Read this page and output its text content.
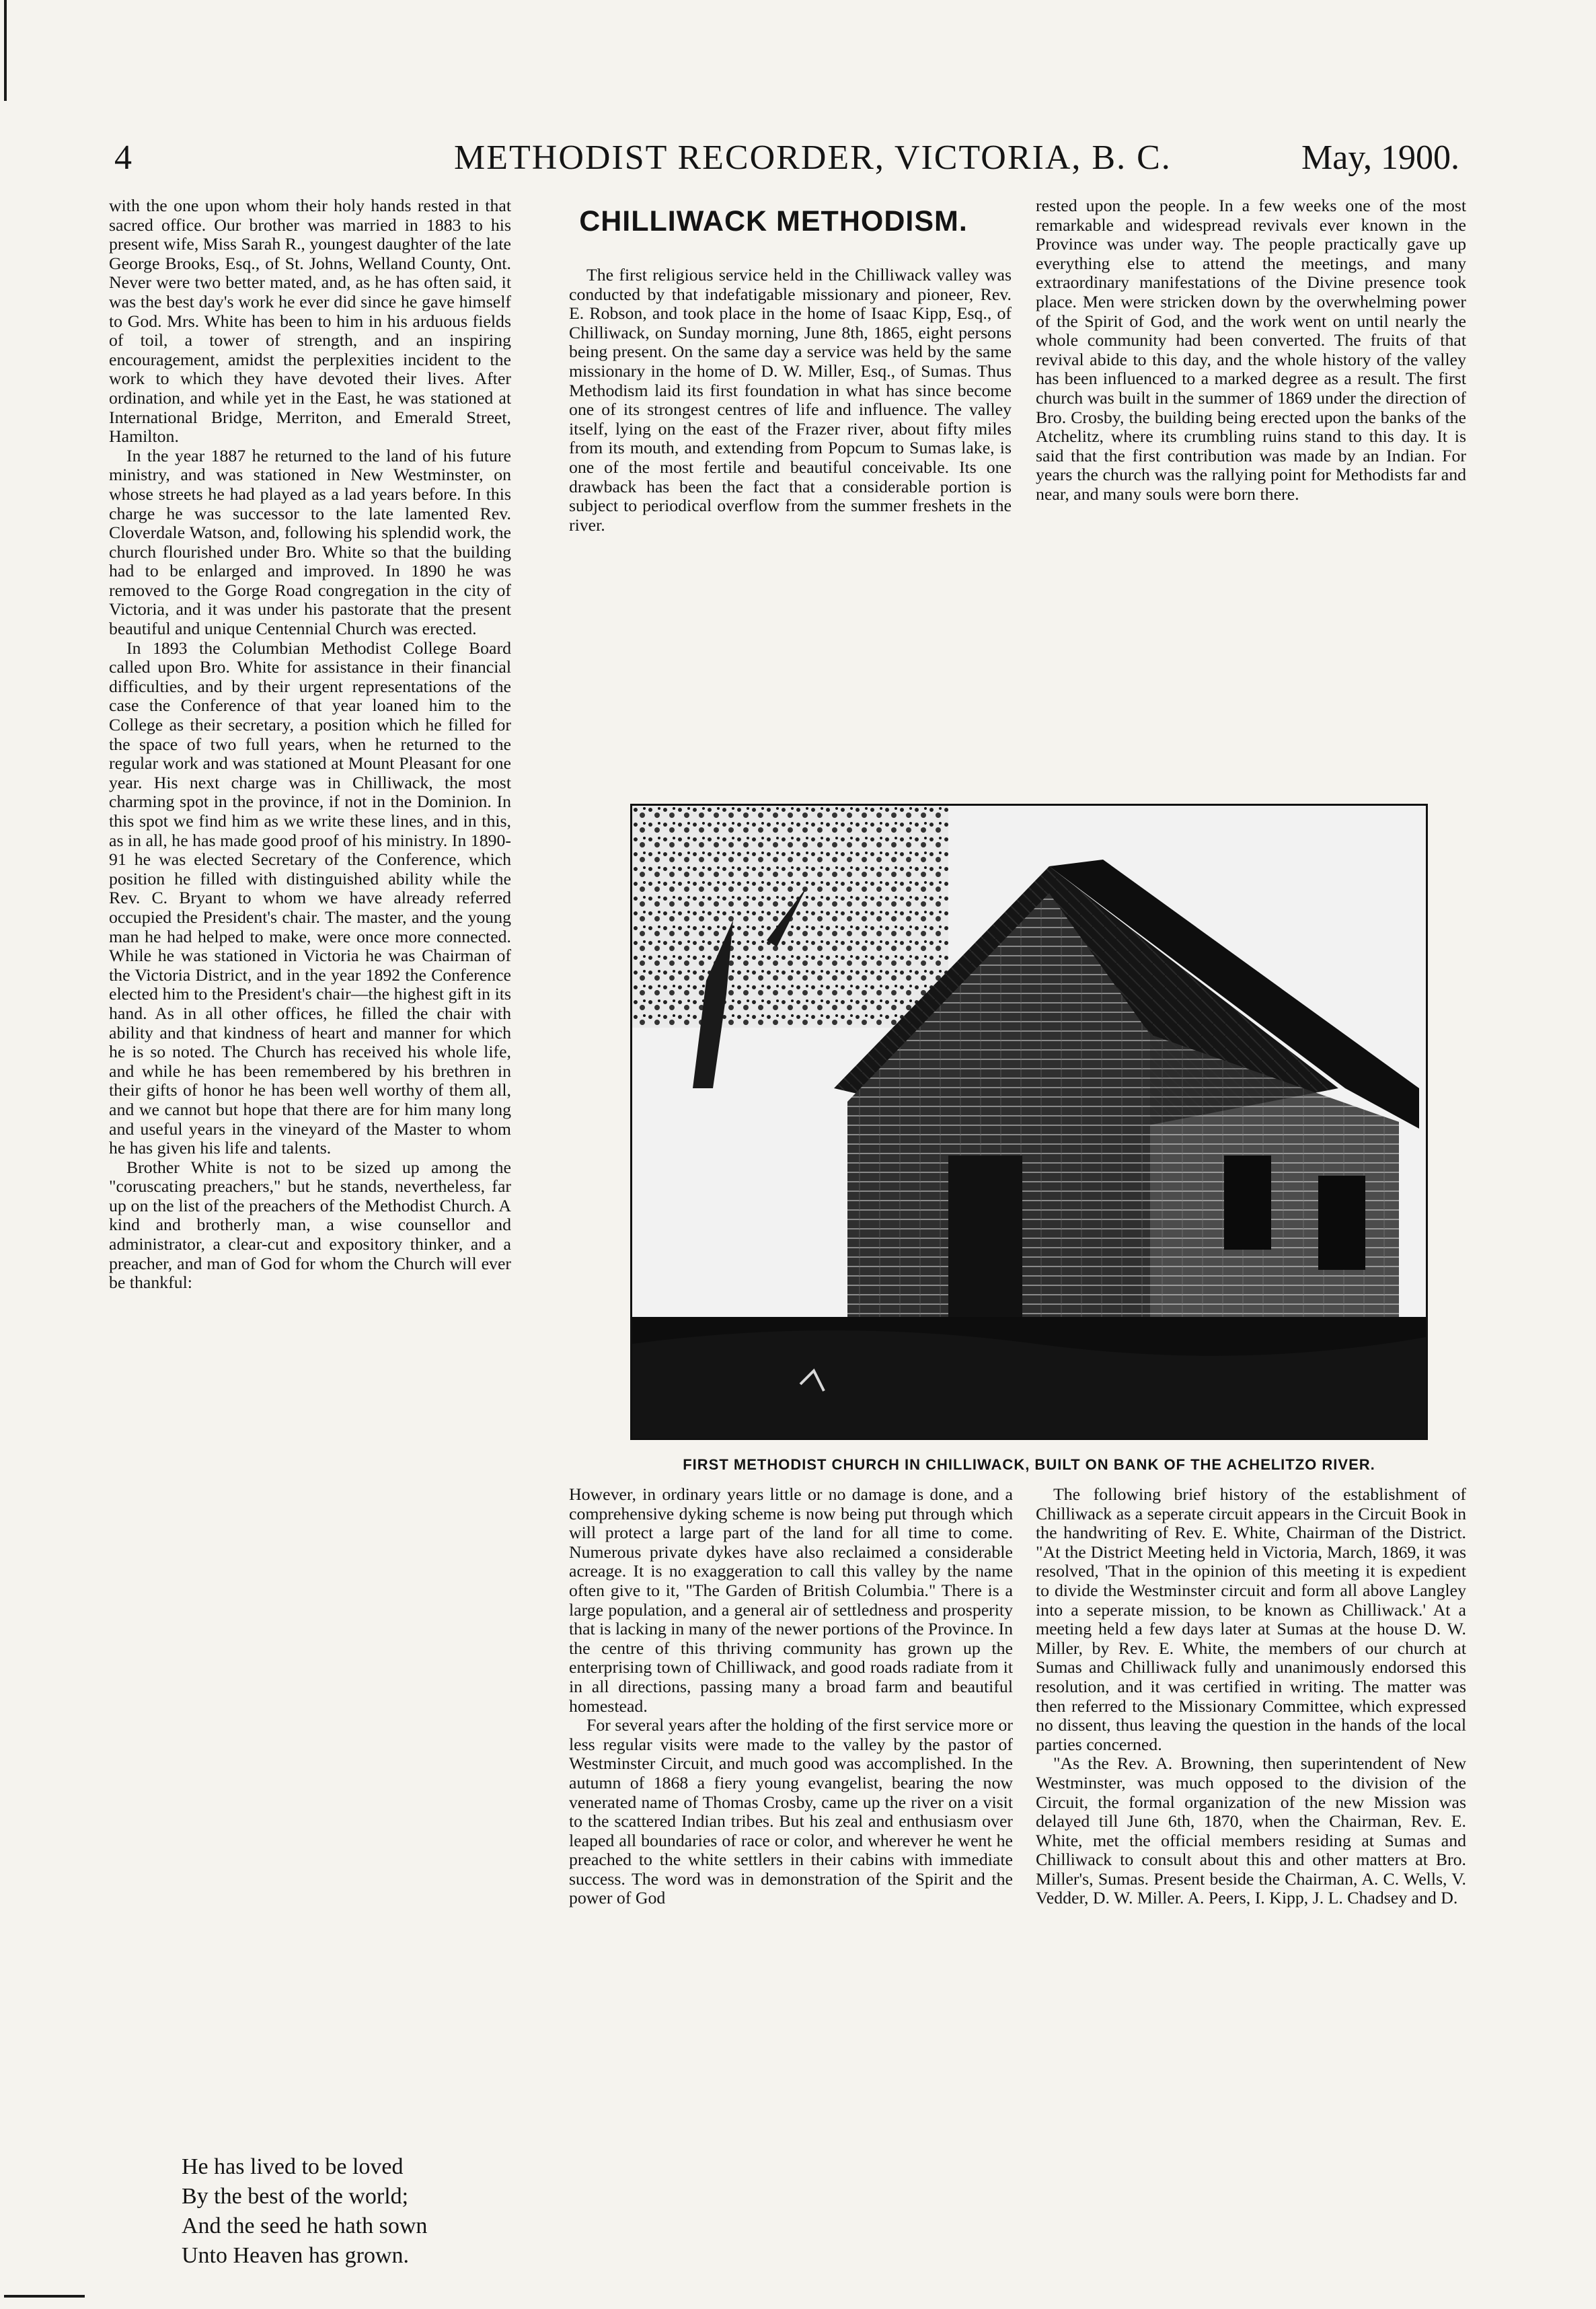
4	METHODIST RECORDER, VICTORIA, B. C.	May, 1900.

with the one upon whom their holy hands rested in that sacred office. Our brother was married in 1883 to his present wife, Miss Sarah R., youngest daughter of the late George Brooks, Esq., of St. Johns, Welland County, Ont. Never were two better mated, and, as he has often said, it was the best day's work he ever did since he gave himself to God. Mrs. White has been to him in his arduous fields of toil, a tower of strength, and an inspiring encouragement, amidst the perplexities incident to the work to which they have devoted their lives. After ordination, and while yet in the East, he was stationed at International Bridge, Merriton, and Emerald Street, Hamilton.

In the year 1887 he returned to the land of his future ministry, and was stationed in New Westminster, on whose streets he had played as a lad years before. In this charge he was successor to the late lamented Rev. Cloverdale Watson, and, following his splendid work, the church flourished under Bro. White so that the building had to be enlarged and improved. In 1890 he was removed to the Gorge Road congregation in the city of Victoria, and it was under his pastorate that the present beautiful and unique Centennial Church was erected.

In 1893 the Columbian Methodist College Board called upon Bro. White for assistance in their financial difficulties, and by their urgent representations of the case the Conference of that year loaned him to the College as their secretary, a position which he filled for the space of two full years, when he returned to the regular work and was stationed at Mount Pleasant for one year. His next charge was in Chilliwack, the most charming spot in the province, if not in the Dominion. In this spot we find him as we write these lines, and in this, as in all, he has made good proof of his ministry. In 1890-91 he was elected Secretary of the Conference, which position he filled with distinguished ability while the Rev. C. Bryant to whom we have already referred occupied the President's chair. The master, and the young man he had helped to make, were once more connected. While he was stationed in Victoria he was Chairman of the Victoria District, and in the year 1892 the Conference elected him to the President's chair—the highest gift in its hand. As in all other offices, he filled the chair with ability and that kindness of heart and manner for which he is so noted. The Church has received his whole life, and while he has been remembered by his brethren in their gifts of honor he has been well worthy of them all, and we cannot but hope that there are for him many long and useful years in the vineyard of the Master to whom he has given his life and talents.

Brother White is not to be sized up among the "coruscating preachers," but he stands, nevertheless, far up on the list of the preachers of the Methodist Church. A kind and brotherly man, a wise counsellor and administrator, a clear-cut and expository thinker, and a preacher, and man of God for whom the Church will ever be thankful:

He has lived to be loved
By the best of the world;
And the seed he hath sown
Unto Heaven has grown.
CHILLIWACK METHODISM.

The first religious service held in the Chilliwack valley was conducted by that indefatigable missionary and pioneer, Rev. E. Robson, and took place in the home of Isaac Kipp, Esq., of Chilliwack, on Sunday morning, June 8th, 1865, eight persons being present. On the same day a service was held by the same missionary in the home of D. W. Miller, Esq., of Sumas. Thus Methodism laid its first foundation in what has since become one of its strongest centres of life and influence. The valley itself, lying on the east of the Frazer river, about fifty miles from its mouth, and extending from Popcum to Sumas lake, is one of the most fertile and beautiful conceivable. Its one drawback has been the fact that a considerable portion is subject to periodical overflow from the summer freshets in the river.

rested upon the people. In a few weeks one of the most remarkable and widespread revivals ever known in the Province was under way. The people practically gave up everything else to attend the meetings, and many extraordinary manifestations of the Divine presence took place. Men were stricken down by the overwhelming power of the Spirit of God, and the work went on until nearly the whole community had been converted. The fruits of that revival abide to this day, and the whole history of the valley has been influenced to a marked degree as a result. The first church was built in the summer of 1869 under the direction of Bro. Crosby, the building being erected upon the banks of the Atchelitz, where its crumbling ruins stand to this day. It is said that the first contribution was made by an Indian. For years the church was the rallying point for Methodists far and near, and many souls were born there.

FIRST METHODIST CHURCH IN CHILLIWACK, BUILT ON BANK OF THE ACHELITZO RIVER.

However, in ordinary years little or no damage is done, and a comprehensive dyking scheme is now being put through which will protect a large part of the land for all time to come. Numerous private dykes have also reclaimed a considerable acreage. It is no exaggeration to call this valley by the name often give to it, "The Garden of British Columbia." There is a large population, and a general air of settledness and prosperity that is lacking in many of the newer portions of the Province. In the centre of this thriving community has grown up the enterprising town of Chilliwack, and good roads radiate from it in all directions, passing many a broad farm and beautiful homestead.

For several years after the holding of the first service more or less regular visits were made to the valley by the pastor of Westminster Circuit, and much good was accomplished. In the autumn of 1868 a fiery young evangelist, bearing the now venerated name of Thomas Crosby, came up the river on a visit to the scattered Indian tribes. But his zeal and enthusiasm over leaped all boundaries of race or color, and wherever he went he preached to the white settlers in their cabins with immediate success. The word was in demonstration of the Spirit and the power of God

The following brief history of the establishment of Chilliwack as a seperate circuit appears in the Circuit Book in the handwriting of Rev. E. White, Chairman of the District. "At the District Meeting held in Victoria, March, 1869, it was resolved, 'That in the opinion of this meeting it is expedient to divide the Westminster circuit and form all above Langley into a seperate mission, to be known as Chilliwack.' At a meeting held a few days later at Sumas at the house D. W. Miller, by Rev. E. White, the members of our church at Sumas and Chilliwack fully and unanimously endorsed this resolution, and it was certified in writing. The matter was then referred to the Missionary Committee, which expressed no dissent, thus leaving the question in the hands of the local parties concerned.

"As the Rev. A. Browning, then superintendent of New Westminster, was much opposed to the division of the Circuit, the formal organization of the new Mission was delayed till June 6th, 1870, when the Chairman, Rev. E. White, met the official members residing at Sumas and Chilliwack to consult about this and other matters at Bro. Miller's, Sumas. Present beside the Chairman, A. C. Wells, V. Vedder, D. W. Miller. A. Peers, I. Kipp, J. L. Chadsey and D.
